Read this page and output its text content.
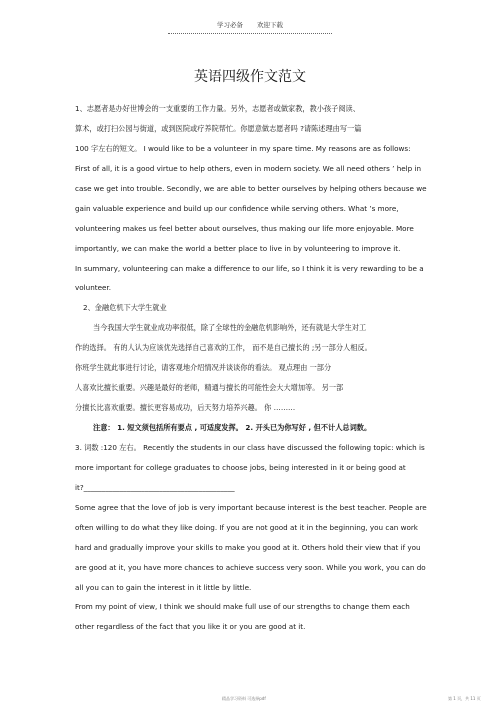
学习必备 欢迎下载
英语四级作文范文
1、志愿者是办好世博会的一支重要的工作力量。另外，志愿者或做家教，教小孩子阅读、
算术，或打扫公园与街道，或到医院或疗养院帮忙。你愿意做志愿者吗 ?请陈述理由写一篇
100 字左右的短文。 I would like to be a volunteer in my spare time. My reasons are as follows:
First of all, it is a good virtue to help others, even in modern society. We all need others ’ help in
case we get into trouble. Secondly, we are able to better ourselves by helping others because we
gain valuable experience and build up our confidence while serving others. What ’s more,
volunteering makes us feel better about ourselves, thus making our life more enjoyable. More
importantly, we can make the world a better place to live in by volunteering to improve it.
In summary, volunteering can make a difference to our life, so I think it is very rewarding to be a
volunteer.
2、金融危机下大学生就业
当今我国大学生就业成功率很低，除了全球性的金融危机影响外，还有就是大学生对工
作的选择。 有的人认为应该优先选择自己喜欢的工作， 而不是自己擅长的 ;另一部分人相反。
你班学生就此事进行讨论，请客观地介绍情况并谈谈你的看法。 观点理由 一部分
人喜欢比擅长重要。兴趣是最好的老师，精通与擅长的可能性会大大增加等。 另一部
分擅长比喜欢重要。擅长更容易成功，后天努力培养兴趣。 你 ………
注意： 1. 短文须包括所有要点 , 可适度发挥。 2. 开头已为你写好 , 但不计人总词数。
3. 词数 :120 左右。 Recently the students in our class have discussed the following topic: which is
more important for college graduates to choose jobs, being interested in it or being good at
it?__________________________________________
Some agree that the love of job is very important because interest is the best teacher. People are
often willing to do what they like doing. If you are not good at it in the beginning, you can work
hard and gradually improve your skills to make you good at it. Others hold their view that if you
are good at it, you have more chances to achieve success very soon. While you work, you can do
all you can to gain the interest in it little by little.
From my point of view, I think we should make full use of our strengths to change them each
other regardless of the fact that you like it or you are good at it.
精品学习资料 可选择pdf	第 1 页，共 11 页
